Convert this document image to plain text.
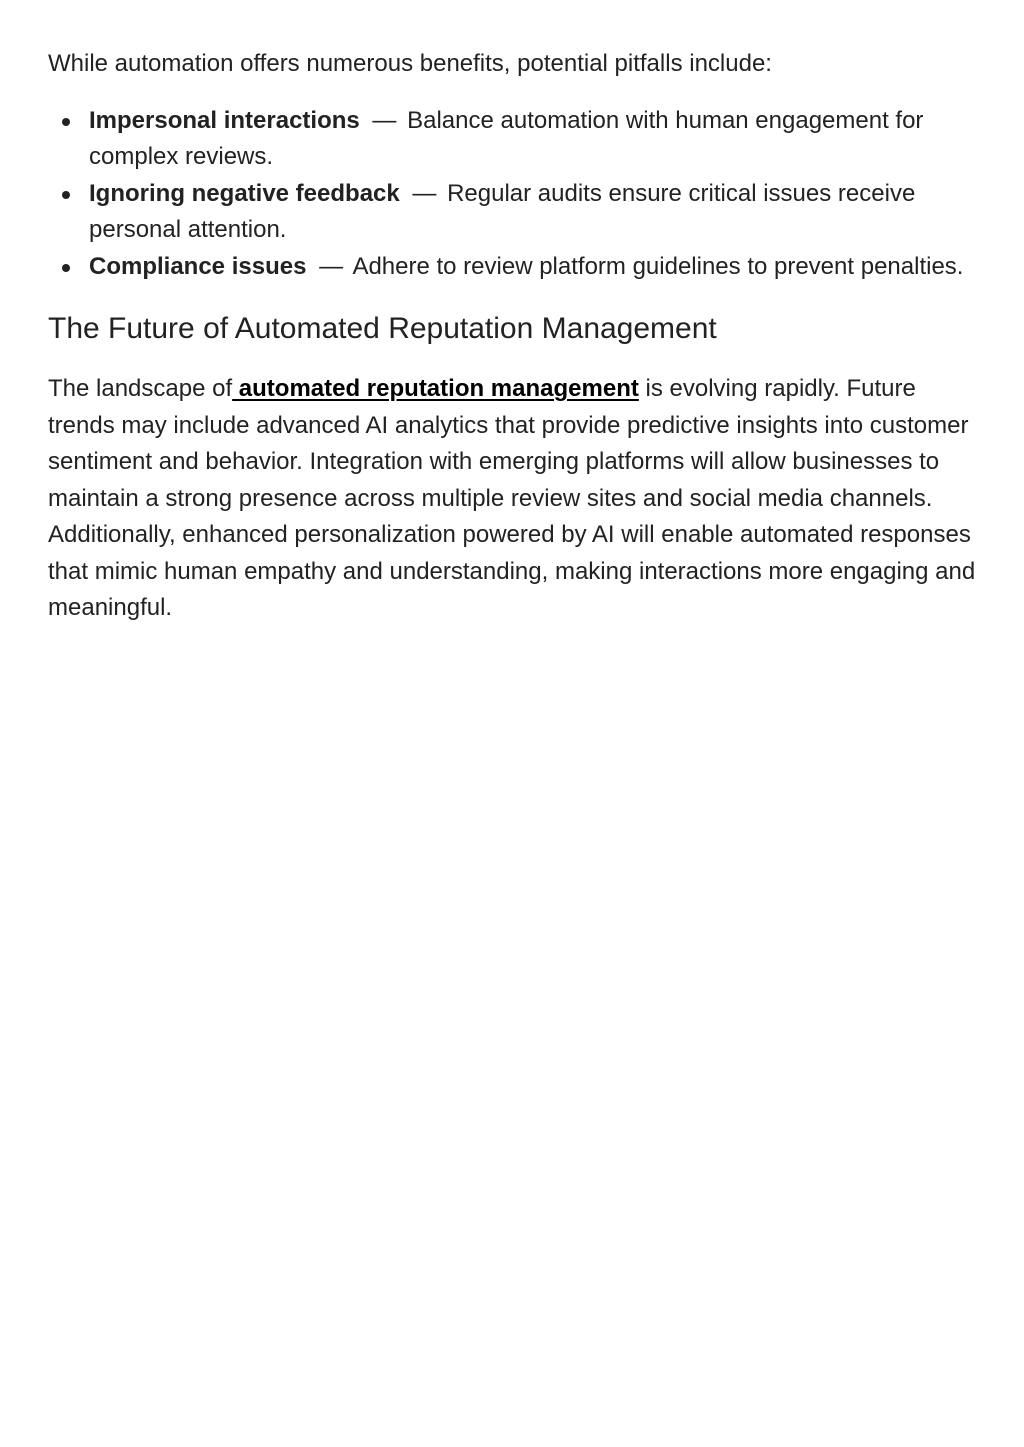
While automation offers numerous benefits, potential pitfalls include:

Impersonal interactions — Balance automation with human engagement for complex reviews.
Ignoring negative feedback — Regular audits ensure critical issues receive personal attention.
Compliance issues — Adhere to review platform guidelines to prevent penalties.
The Future of Automated Reputation Management

The landscape of automated reputation management is evolving rapidly. Future trends may include advanced AI analytics that provide predictive insights into customer sentiment and behavior. Integration with emerging platforms will allow businesses to maintain a strong presence across multiple review sites and social media channels. Additionally, enhanced personalization powered by AI will enable automated responses that mimic human empathy and understanding, making interactions more engaging and meaningful.
